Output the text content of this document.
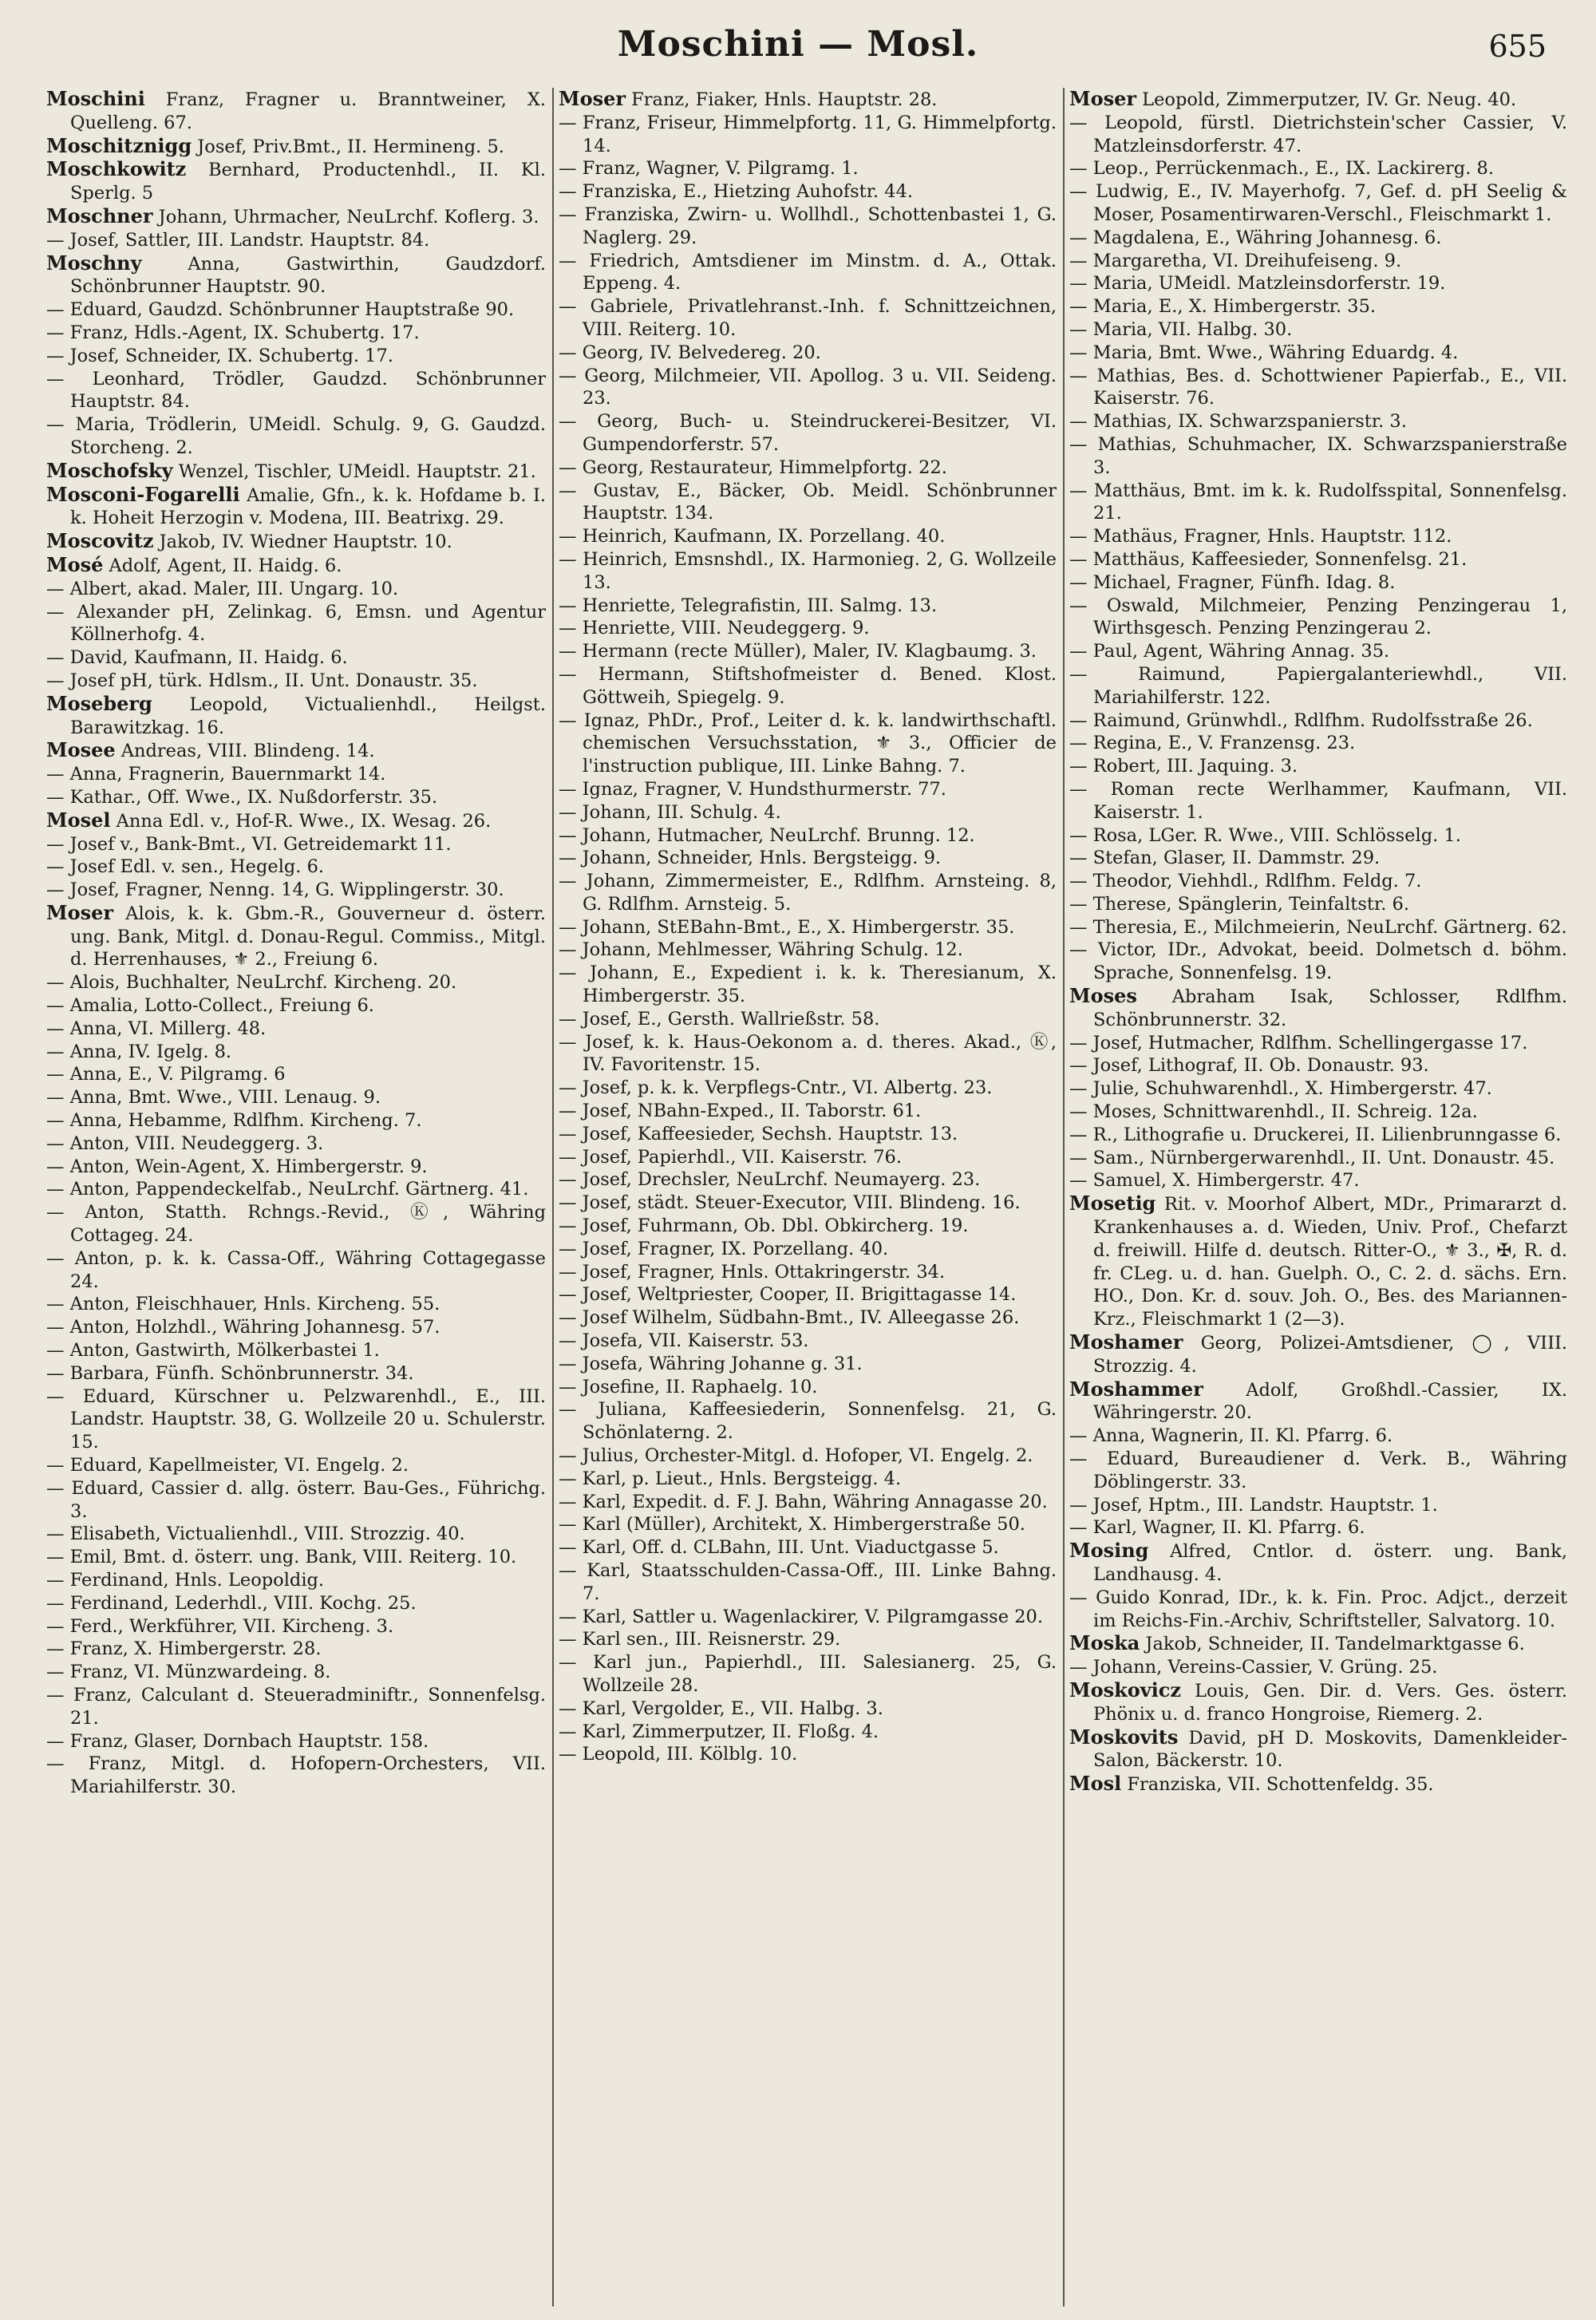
Moschini — Mosl.	655
Moschini Franz, Fragner u. Branntweiner, X. Quelleng. 67.
Moschitznigg Josef, Priv.Bmt., II. Hermineng. 5.
Moschkowitz Bernhard, Productenhdl., II. Kl. Sperlg. 5
Moschner Johann, Uhrmacher, NeuLrchf. Koflerg. 3.
— Josef, Sattler, III. Landstr. Hauptstr. 84.
Moschny	Anna, Gastwirthin, Gaudzdorf. Schönbrunner Hauptstr. 90.
— Eduard, Gaudzd. Schönbrunner Hauptstraße 90.
— Franz, Hdls.-Agent, IX. Schubertg. 17.
— Josef, Schneider, IX. Schubertg. 17.
— Leonhard, Trödler, Gaudzd. Schönbrunner Hauptstr. 84.
— Maria, Trödlerin, UMeidl. Schulg. 9, G. Gaudzd. Storcheng. 2.
Moschofsky Wenzel, Tischler, UMeidl. Hauptstr. 21.
Mosconi-Fogarelli Amalie, Gfn., k. k. Hofdame b. I. k. Hoheit Herzogin v. Modena, III. Beatrixg. 29.
Moscovitz Jakob, IV. Wiedner Hauptstr. 10.
Mosé Adolf, Agent, II. Haidg. 6.
— Albert, akad. Maler, III. Ungarg. 10.
— Alexander pH, Zelinkag. 6, Emsn. und Agentur Köllnerhofg. 4.
— David, Kaufmann, II. Haidg. 6.
— Josef pH, türk. Hdlsm., II. Unt. Donaustr. 35.
Moseberg Leopold, Victualienhdl., Heilgst. Barawitzkag. 16.
Mosee Andreas, VIII. Blindeng. 14.
— Anna, Fragnerin, Bauernmarkt 14.
— Kathar., Off. Wwe., IX. Nußdorferstr. 35.
Mosel Anna Edl. v., Hof-R. Wwe., IX. Wesag. 26.
— Josef v., Bank-Bmt., VI. Getreidemarkt 11.
— Josef Edl. v. sen., Hegelg. 6.
— Josef, Fragner, Nenng. 14, G. Wipplingerstr. 30.
Moser Alois, k. k. Gbm.-R., Gouverneur d. österr. ung. Bank, Mitgl. d. Donau-Regul. Commiss., Mitgl. d. Herrenhauses, ⚜ 2., Freiung 6.
— Alois, Buchhalter, NeuLrchf. Kircheng. 20.
— Amalia, Lotto-Collect., Freiung 6.
— Anna, VI. Millerg. 48.
— Anna, IV. Igelg. 8.
— Anna, E., V. Pilgramg. 6
— Anna, Bmt. Wwe., VIII. Lenaug. 9.
— Anna, Hebamme, Rdlfhm. Kircheng. 7.
— Anton, VIII. Neudeggerg. 3.
— Anton, Wein-Agent, X. Himbergerstr. 9.
— Anton, Pappendeckelfab., NeuLrchf. Gärtnerg. 41.
— Anton, Statth. Rchngs.-Revid., Ⓚ, Währing Cottageg. 24.
— Anton, p. k. k. Cassa-Off., Währing Cottagegasse 24.
— Anton, Fleischhauer, Hnls. Kircheng. 55.
— Anton, Holzhdl., Währing Johannesg. 57.
— Anton, Gastwirth, Mölkerbastei 1.
— Barbara, Fünfh. Schönbrunnerstr. 34.
— Eduard, Kürschner u. Pelzwarenhdl., E., III. Landstr. Hauptstr. 38, G. Wollzeile 20 u. Schulerstr. 15.
— Eduard, Kapellmeister, VI. Engelg. 2.
— Eduard, Cassier d. allg. österr. Bau-Ges., Führichg. 3.
— Elisabeth, Victualienhdl., VIII. Strozzig. 40.
— Emil, Bmt. d. österr. ung. Bank, VIII. Reiterg. 10.
— Ferdinand, Hnls. Leopoldig.
— Ferdinand, Lederhdl., VIII. Kochg. 25.
— Ferd., Werkführer, VII. Kircheng. 3.
— Franz, X. Himbergerstr. 28.
— Franz, VI. Münzwardeing. 8.
— Franz, Calculant d. Steueradminiftr., Sonnenfelsg. 21.
— Franz, Glaser, Dornbach Hauptstr. 158.
— Franz, Mitgl. d. Hofopern-Orchesters, VII. Mariahilferstr. 30.
Moser Franz, Fiaker, Hnls. Hauptstr. 28.
— Franz, Friseur, Himmelpfortg. 11, G. Himmelpfortg. 14.
— Franz, Wagner, V. Pilgramg. 1.
— Franziska, E., Hietzing Auhofstr. 44.
— Franziska, Zwirn- u. Wollhdl., Schottenbastei 1, G. Naglerg. 29.
— Friedrich, Amtsdiener im Minstm. d. A., Ottak. Eppeng. 4.
— Gabriele, Privatlehranst.-Inh. f. Schnittzeichnen, VIII. Reiterg. 10.
— Georg, IV. Belvedereg. 20.
— Georg, Milchmeier, VII. Apollog. 3 u. VII. Seideng. 23.
— Georg, Buch- u. Steindruckerei-Besitzer, VI. Gumpendorferstr. 57.
— Georg, Restaurateur, Himmelpfortg. 22.
— Gustav, E., Bäcker, Ob. Meidl. Schönbrunner Hauptstr. 134.
— Heinrich, Kaufmann, IX. Porzellang. 40.
— Heinrich, Emsnshdl., IX. Harmonieg. 2, G. Wollzeile 13.
— Henriette, Telegrafistin, III. Salmg. 13.
— Henriette, VIII. Neudeggerg. 9.
— Hermann (recte Müller), Maler, IV. Klagbaumg. 3.
— Hermann, Stiftshofmeister d. Bened. Klost. Göttweih, Spiegelg. 9.
— Ignaz, PhDr., Prof., Leiter d. k. k. landwirthschaftl. chemischen Versuchsstation, ⚜ 3., Officier de l'instruction publique, III. Linke Bahng. 7.
— Ignaz, Fragner, V. Hundsthurmerstr. 77.
— Johann, III. Schulg. 4.
— Johann, Hutmacher, NeuLrchf. Brunng. 12.
— Johann, Schneider, Hnls. Bergsteigg. 9.
— Johann, Zimmermeister, E., Rdlfhm. Arnsteing. 8, G. Rdlfhm. Arnsteig. 5.
— Johann, StEBahn-Bmt., E., X. Himbergerstr. 35.
— Johann, Mehlmesser, Währing Schulg. 12.
— Johann, E., Expedient i. k. k. Theresianum, X. Himbergerstr. 35.
— Josef, E., Gersth. Wallrießstr. 58.
— Josef, k. k. Haus-Oekonom a. d. theres. Akad., Ⓚ, IV. Favoritenstr. 15.
— Josef, p. k. k. Verpflegs-Cntr., VI. Albertg. 23.
— Josef, NBahn-Exped., II. Taborstr. 61.
— Josef, Kaffeesieder, Sechsh. Hauptstr. 13.
— Josef, Papierhdl., VII. Kaiserstr. 76.
— Josef, Drechsler, NeuLrchf. Neumayerg. 23.
— Josef, städt. Steuer-Executor, VIII. Blindeng. 16.
— Josef, Fuhrmann, Ob. Dbl. Obkircherg. 19.
— Josef, Fragner, IX. Porzellang. 40.
— Josef, Fragner, Hnls. Ottakringerstr. 34.
— Josef, Weltpriester, Cooper, II. Brigittagasse 14.
— Josef Wilhelm, Südbahn-Bmt., IV. Alleegasse 26.
— Josefa, VII. Kaiserstr. 53.
— Josefa, Währing Johanne g. 31.
— Josefine, II. Raphaelg. 10.
— Juliana, Kaffeesiederin, Sonnenfelsg. 21, G. Schönlaterng. 2.
— Julius, Orchester-Mitgl. d. Hofoper, VI. Engelg. 2.
— Karl, p. Lieut., Hnls. Bergsteigg. 4.
— Karl, Expedit. d. F. J. Bahn, Währing Annagasse 20.
— Karl (Müller), Architekt, X. Himbergerstraße 50.
— Karl, Off. d. CLBahn, III. Unt. Viaductgasse 5.
— Karl, Staatsschulden-Cassa-Off., III. Linke Bahng. 7.
— Karl, Sattler u. Wagenlackirer, V. Pilgramgasse 20.
— Karl sen., III. Reisnerstr. 29.
— Karl jun., Papierhdl., III. Salesianerg. 25, G. Wollzeile 28.
— Karl, Vergolder, E., VII. Halbg. 3.
— Karl, Zimmerputzer, II. Floßg. 4.
— Leopold, III. Kölblg. 10.
Moser Leopold, Zimmerputzer, IV. Gr. Neug. 40.
— Leopold, fürstl. Dietrichstein'scher Cassier, V. Matzleinsdorferstr. 47.
— Leop., Perrückenmach., E., IX. Lackirerg. 8.
— Ludwig, E., IV. Mayerhofg. 7, Gef. d. pH Seelig & Moser, Posamentirwaren-Verschl., Fleischmarkt 1.
— Magdalena, E., Währing Johannesg. 6.
— Margaretha, VI. Dreihufeiseng. 9.
— Maria, UMeidl. Matzleinsdorferstr. 19.
— Maria, E., X. Himbergerstr. 35.
— Maria, VII. Halbg. 30.
— Maria, Bmt. Wwe., Währing Eduardg. 4.
— Mathias, Bes. d. Schottwiener Papierfab., E., VII. Kaiserstr. 76.
— Mathias, IX. Schwarzspanierstr. 3.
— Mathias, Schuhmacher, IX. Schwarzspanierstraße 3.
— Matthäus, Bmt. im k. k. Rudolfsspital, Sonnenfelsg. 21.
— Mathäus, Fragner, Hnls. Hauptstr. 112.
— Matthäus, Kaffeesieder, Sonnenfelsg. 21.
— Michael, Fragner, Fünfh. Idag. 8.
— Oswald, Milchmeier, Penzing Penzingerau 1, Wirthsgesch. Penzing Penzingerau 2.
— Paul, Agent, Währing Annag. 35.
— Raimund, Papiergalanteriewhdl., VII. Mariahilferstr. 122.
— Raimund, Grünwhdl., Rdlfhm. Rudolfsstraße 26.
— Regina, E., V. Franzensg. 23.
— Robert, III. Jaquing. 3.
— Roman recte Werlhammer, Kaufmann, VII. Kaiserstr. 1.
— Rosa, LGer. R. Wwe., VIII. Schlösselg. 1.
— Stefan, Glaser, II. Dammstr. 29.
— Theodor, Viehhdl., Rdlfhm. Feldg. 7.
— Therese, Spänglerin, Teinfaltstr. 6.
— Theresia, E., Milchmeierin, NeuLrchf. Gärtnerg. 62.
— Victor, IDr., Advokat, beeid. Dolmetsch d. böhm. Sprache, Sonnenfelsg. 19.
Moses Abraham Isak, Schlosser, Rdlfhm. Schönbrunnerstr. 32.
— Josef, Hutmacher, Rdlfhm. Schellingergasse 17.
— Josef, Lithograf, II. Ob. Donaustr. 93.
— Julie, Schuhwarenhdl., X. Himbergerstr. 47.
— Moses, Schnittwarenhdl., II. Schreig. 12a.
— R., Lithografie u. Druckerei, II. Lilienbrunngasse 6.
— Sam., Nürnbergerwarenhdl., II. Unt. Donaustr. 45.
— Samuel, X. Himbergerstr. 47.
Mosetig Rit. v. Moorhof Albert, MDr., Primararzt d. Krankenhauses a. d. Wieden, Univ. Prof., Chefarzt d. freiwill. Hilfe d. deutsch. Ritter-O., ⚜ 3., ✠, R. d. fr. CLeg. u. d. han. Guelph. O., C. 2. d. sächs. Ern. HO., Don. Kr. d. souv. Joh. O., Bes. des Mariannen-Krz., Fleischmarkt 1 (2—3).
Moshamer Georg, Polizei-Amtsdiener, ◯, VIII. Strozzig. 4.
Moshammer Adolf, Großhdl.-Cassier, IX. Währingerstr. 20.
— Anna, Wagnerin, II. Kl. Pfarrg. 6.
— Eduard, Bureaudiener d. Verk. B., Währing Döblingerstr. 33.
— Josef, Hptm., III. Landstr. Hauptstr. 1.
— Karl, Wagner, II. Kl. Pfarrg. 6.
Mosing Alfred, Cntlor. d. österr. ung. Bank, Landhausg. 4.
— Guido Konrad, IDr., k. k. Fin. Proc. Adjct., derzeit im Reichs-Fin.-Archiv, Schriftsteller, Salvatorg. 10.
Moska Jakob, Schneider, II. Tandelmarktgasse 6.
— Johann, Vereins-Cassier, V. Grüng. 25.
Moskovicz Louis, Gen. Dir. d. Vers. Ges. österr. Phönix u. d. franco Hongroise, Riemerg. 2.
Moskovits David, pH D. Moskovits, Damenkleider-Salon, Bäckerstr. 10.
Mosl Franziska, VII. Schottenfeldg. 35.
